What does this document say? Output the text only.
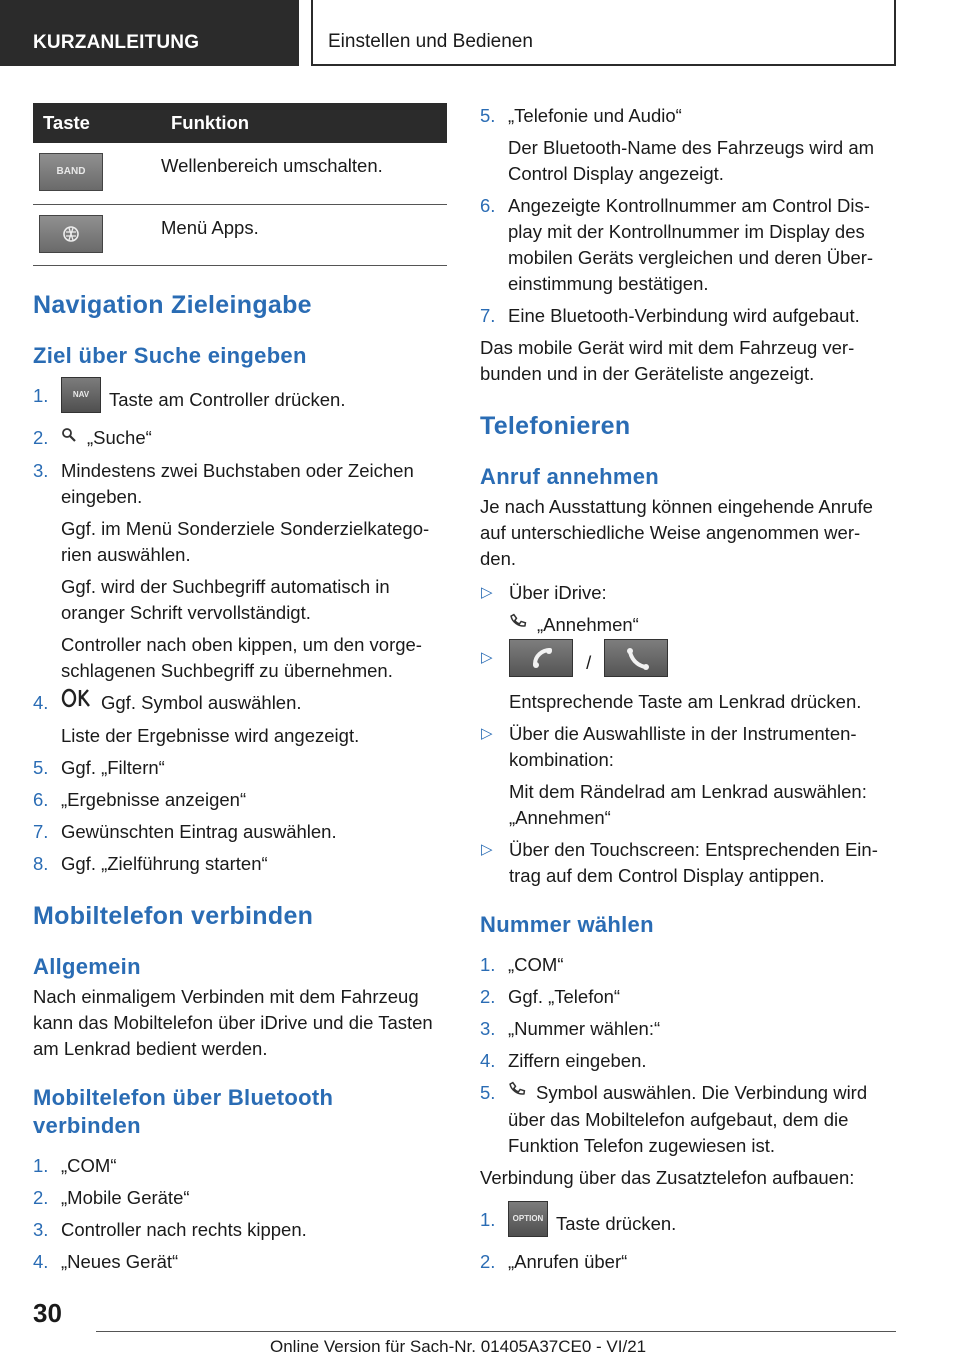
KURZANLEITUNG	Einstellen und Bedienen
Taste	Funktion

BAND	Wellenbereich umschalten.

	Menü Apps.
Navigation Zieleingabe
Ziel über Suche eingeben
1.	NAV Taste am Controller drücken.
2. „Suche“
3. Mindestens zwei Buchstaben oder Zeichen eingeben.

Ggf. im Menü Sonderziele Sonderzielkatego‐ rien auswählen.

Ggf. wird der Suchbegriff automatisch in oranger Schrift vervollständigt.

Controller nach oben kippen, um den vorge‐ schlagenen Suchbegriff zu übernehmen.

4.	Ggf. Symbol auswählen.

Liste der Ergebnisse wird angezeigt.

5. Ggf. „Filtern“
6. „Ergebnisse anzeigen“
7. Gewünschten Eintrag auswählen.
8. Ggf. „Zielführung starten“
Mobiltelefon verbinden
Allgemein

Nach einmaligem Verbinden mit dem Fahrzeug kann das Mobiltelefon über iDrive und die Tasten am Lenkrad bedient werden.

Mobiltelefon über Bluetooth verbinden
1. „COM“
2. „Mobile Geräte“
3. Controller nach rechts kippen.
4. „Neues Gerät“
5. „Telefonie und Audio“

Der Bluetooth-Name des Fahrzeugs wird am Control Display angezeigt.

6. Angezeigte Kontrollnummer am Control Dis‐ play mit der Kontrollnummer im Display des mobilen Geräts vergleichen und deren Über‐ einstimmung bestätigen.
7. Eine Bluetooth-Verbindung wird aufgebaut.

Das mobile Gerät wird mit dem Fahrzeug ver‐ bunden und in der Geräteliste angezeigt.

Telefonieren
Anruf annehmen

Je nach Ausstattung können eingehende Anrufe auf unterschiedliche Weise angenommen wer‐ den.

▷ Über iDrive:

„Annehmen“

▷	/

Entsprechende Taste am Lenkrad drücken.

▷ Über die Auswahlliste in der Instrumenten‐ kombination:

Mit dem Rändelrad am Lenkrad auswählen: „Annehmen“

▷ Über den Touchscreen: Entsprechenden Ein‐ trag auf dem Control Display antippen.
Nummer wählen
1. „COM“
2. Ggf. „Telefon“
3. „Nummer wählen:“
4. Ziffern eingeben.
5. Symbol auswählen. Die Verbindung wird über das Mobiltelefon aufgebaut, dem die Funktion Telefon zugewiesen ist.

Verbindung über das Zusatztelefon aufbauen:

1. OPTION Taste drücken.
2. „Anrufen über“
30
Online Version für Sach-Nr. 01405A37CE0 - VI/21
